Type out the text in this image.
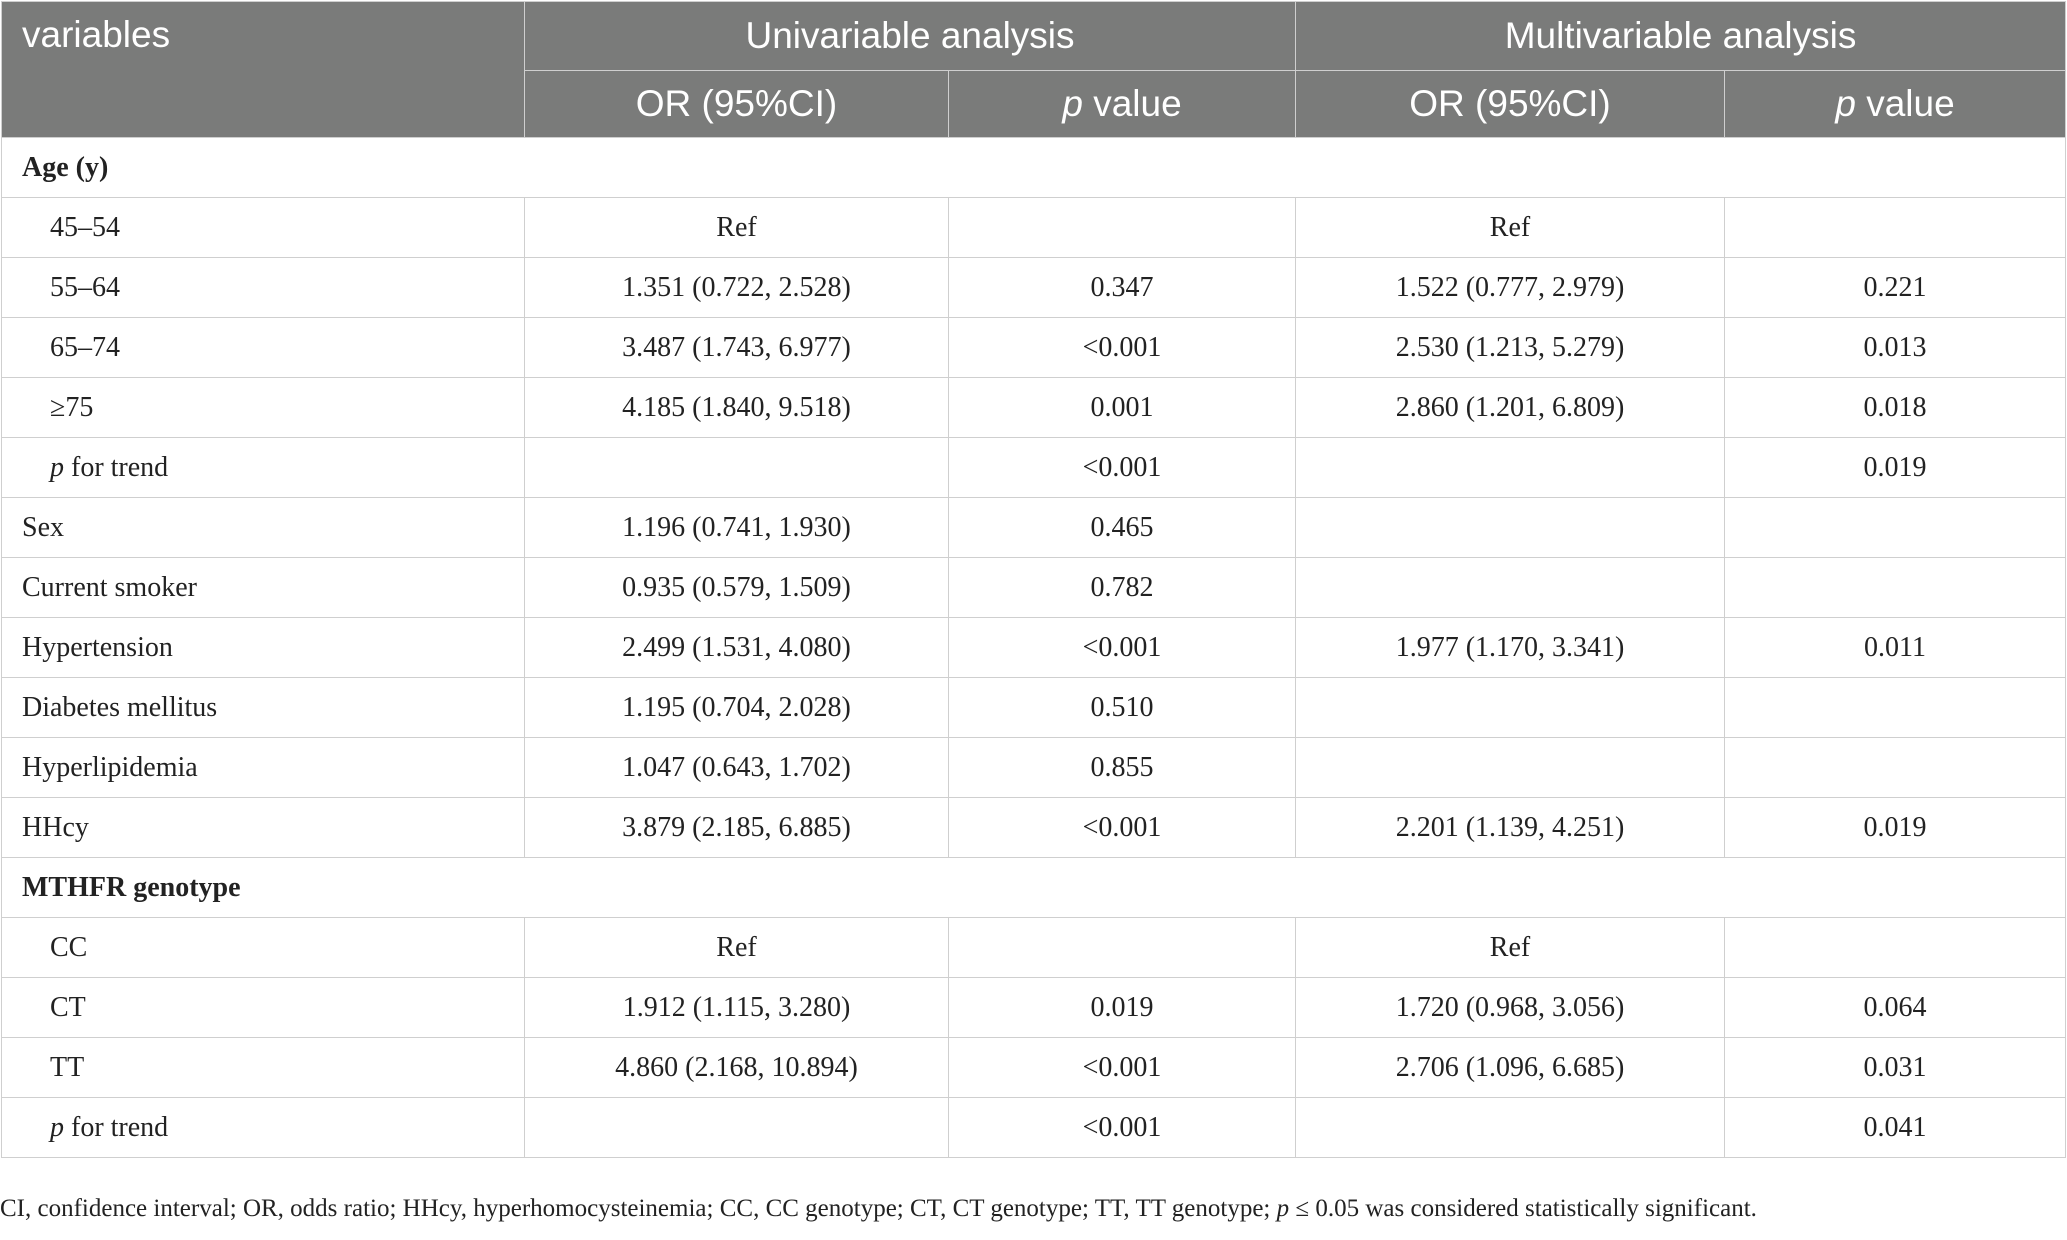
variables	Univariable analysis		Multivariable analysis	
	OR (95%CI)	p value	OR (95%CI)	p value
Age (y)				
45–54	Ref		Ref	
55–64	1.351 (0.722, 2.528)	0.347	1.522 (0.777, 2.979)	0.221
65–74	3.487 (1.743, 6.977)	<0.001	2.530 (1.213, 5.279)	0.013
≥75	4.185 (1.840, 9.518)	0.001	2.860 (1.201, 6.809)	0.018
p for trend		<0.001		0.019
Sex	1.196 (0.741, 1.930)	0.465		
Current smoker	0.935 (0.579, 1.509)	0.782		
Hypertension	2.499 (1.531, 4.080)	<0.001	1.977 (1.170, 3.341)	0.011
Diabetes mellitus	1.195 (0.704, 2.028)	0.510		
Hyperlipidemia	1.047 (0.643, 1.702)	0.855		
HHcy	3.879 (2.185, 6.885)	<0.001	2.201 (1.139, 4.251)	0.019
MTHFR genotype				
CC	Ref		Ref	
CT	1.912 (1.115, 3.280)	0.019	1.720 (0.968, 3.056)	0.064
TT	4.860 (2.168, 10.894)	<0.001	2.706 (1.096, 6.685)	0.031
p for trend		<0.001		0.041
CI, confidence interval; OR, odds ratio; HHcy, hyperhomocysteinemia; CC, CC genotype; CT, CT genotype; TT, TT genotype; p ≤ 0.05 was considered statistically significant.
